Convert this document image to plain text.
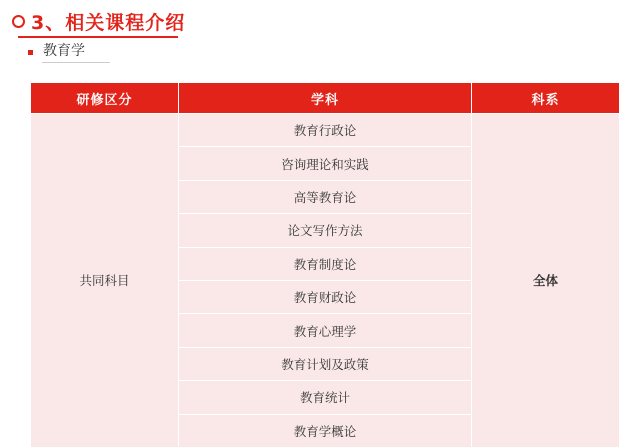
3、相关课程介绍
教育学
研修区分	学科	科系
共同科目	教育行政论	全体
	咨询理论和实践	
	高等教育论	
	论文写作方法	
	教育制度论	
	教育财政论	
	教育心理学	
	教育计划及政策	
	教育统计	
	教育学概论	
